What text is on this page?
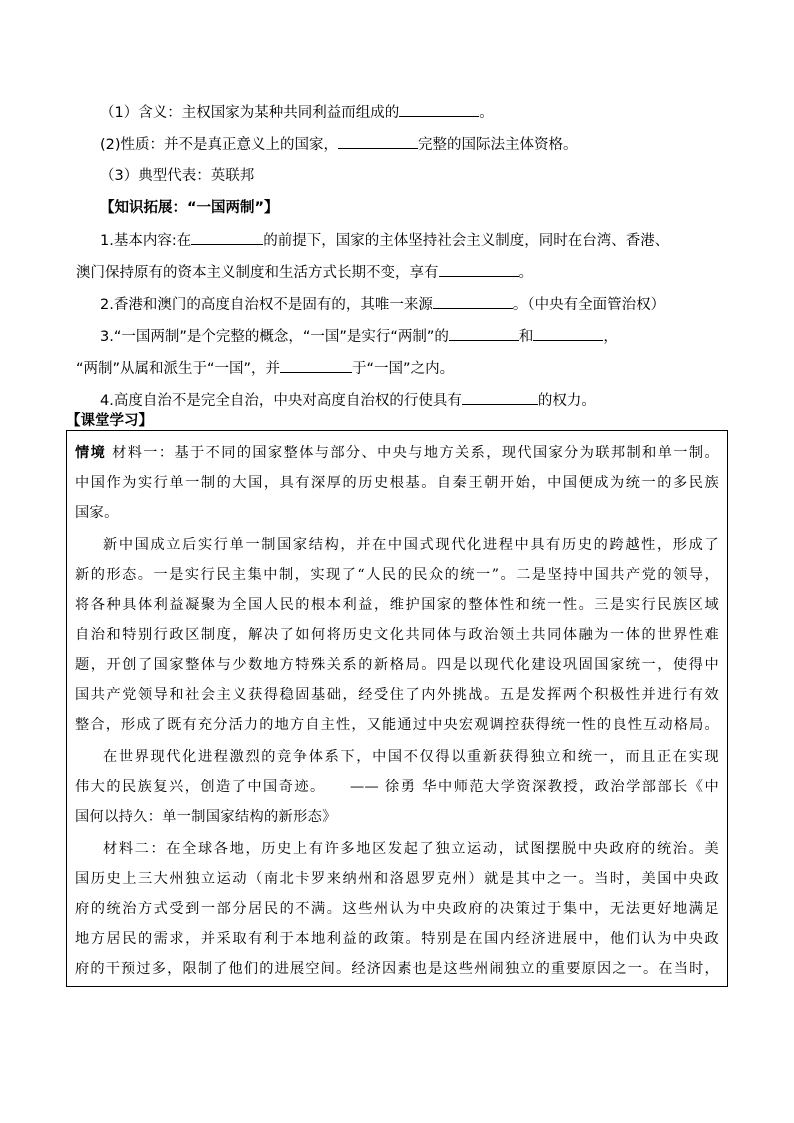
（1）含义：主权国家为某种共同利益而组成的	。
(2)性质：并不是真正意义上的国家，	完整的国际法主体资格。
（3）典型代表：英联邦
【知识拓展：“一国两制”】
1.基本内容:在	的前提下，国家的主体坚持社会主义制度，同时在台湾、香港、
澳门保持原有的资本主义制度和生活方式长期不变，享有	。
2.香港和澳门的高度自治权不是固有的，其唯一来源	。（中央有全面管治权）
3.“一国两制”是个完整的概念，“一国”是实行“两制”的	和	，
“两制”从属和派生于“一国”，并	于“一国”之内。
4.高度自治不是完全自治，中央对高度自治权的行使具有	的权力。
【课堂学习】
情境 材料一：基于不同的国家整体与部分、中央与地方关系，现代国家分为联邦制和单一制。
中国作为实行单一制的大国，具有深厚的历史根基。自秦王朝开始，中国便成为统一的多民族
国家。
新中国成立后实行单一制国家结构，并在中国式现代化进程中具有历史的跨越性，形成了
新的形态。一是实行民主集中制，实现了“人民的民众的统一”。二是坚持中国共产党的领导，
将各种具体利益凝聚为全国人民的根本利益，维护国家的整体性和统一性。三是实行民族区域
自治和特别行政区制度，解决了如何将历史文化共同体与政治领土共同体融为一体的世界性难
题，开创了国家整体与少数地方特殊关系的新格局。四是以现代化建设巩固国家统一，使得中
国共产党领导和社会主义获得稳固基础，经受住了内外挑战。五是发挥两个积极性并进行有效
整合，形成了既有充分活力的地方自主性，又能通过中央宏观调控获得统一性的良性互动格局。
在世界现代化进程激烈的竞争体系下，中国不仅得以重新获得独立和统一，而且正在实现
伟大的民族复兴，创造了中国奇迹。　　—— 徐勇 华中师范大学资深教授，政治学部部长《中
国何以持久：单一制国家结构的新形态》
材料二：在全球各地，历史上有许多地区发起了独立运动，试图摆脱中央政府的统治。美
国历史上三大州独立运动（南北卡罗来纳州和洛恩罗克州）就是其中之一。当时，美国中央政
府的统治方式受到一部分居民的不满。这些州认为中央政府的决策过于集中，无法更好地满足
地方居民的需求，并采取有利于本地利益的政策。特别是在国内经济进展中，他们认为中央政
府的干预过多，限制了他们的进展空间。经济因素也是这些州闹独立的重要原因之一。在当时，
